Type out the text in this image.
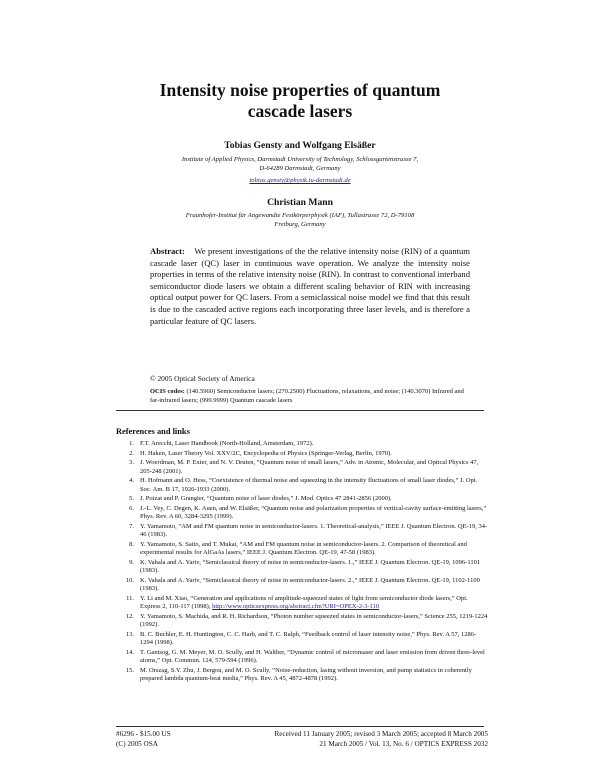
Intensity noise properties of quantum
cascade lasers
Tobias Gensty and Wolfgang Elsäßer
Institute of Applied Physics, Darmstadt University of Technology, Schlossgartenstrasse 7,
D-64289 Darmstadt, Germany
tobias.gensty@physik.tu-darmstadt.de
Christian Mann
Fraunhofer-Institut für Angewandte Festkörperphysik (IAF), Tullastrasse 72, D-79108
Freiburg, Germany
Abstract: We present investigations of the the relative intensity noise (RIN) of a quantum cascade laser (QC) laser in continuous wave operation. We analyze the intensity noise properties in terms of the relative intensity noise (RIN). In contrast to conventional interband semiconductor diode lasers we obtain a different scaling behavior of RIN with increasing optical output power for QC lasers. From a semiclassical noise model we find that this result is due to the cascaded active regions each incorporating three laser levels, and is therefore a particular feature of QC lasers.
© 2005 Optical Society of America
OCIS codes: (140.5960) Semiconductor lasers; (270.2500) Fluctuations, relaxations, and noise; (140.3070) Infrared and far-infrared lasers; (999.9999) Quantum cascade lasers
References and links
1. F.T. Arecchi, Laser Handbook (North-Holland, Amsterdam, 1972).
2. H. Haken, Laser Theory Vol. XXV/2C, Encyclopedia of Physics (Springer-Verlag, Berlin, 1970).
3. J. Woerdman, M. P. Exter, and N. V. Druten, “Quantum noise of small lasers,” Adv. in Atomic, Molecular, and Optical Physics 47, 205-248 (2001).
4. H. Hofmann and O. Hess, “Coexistence of thermal noise and squeezing in the intensity fluctuations of small laser diodes,” J. Opt. Soc. Am. B 17, 1926-1933 (2000).
5. J. Poizat and P. Grangier, “Quantum noise of laser diodes,” J. Mod. Optics 47 2841-2856 (2000).
6. J.-L. Vey, C. Degen, K. Auen, and W. Elsäßer, “Quantum noise and polarization properties of vertical-cavity surface-emitting lasers,” Phys. Rev. A 60, 3284-3295 (1999).
7. Y. Yamamoto, “AM and FM quantum noise in semiconductor-lasers. 1. Theoretical-analysis,” IEEE J. Quantum Electron. QE-19, 34-46 (1983).
8. Y. Yamamoto, S. Saito, and T. Mukai, “AM and FM quantum noise in semiconductor-lasers. 2. Comparison of theoretical and experimental results for AlGaAs lasers,” IEEE J. Quantum Electron. QE-19, 47-58 (1983).
9. K. Vahala and A. Yariv, “Semiclassical theory of noise in semiconductor-lasers. 1.,” IEEE J. Quantum Electron. QE-19, 1096-1101 (1983).
10. K. Vahala and A. Yariv, “Semiclassical theory of noise in semiconductor-lasers. 2.,” IEEE J. Quantum Electron. QE-19, 1102-1109 (1983).
11. Y. Li and M. Xiao, “Generation and applications of amplitude-squeezed states of light from semiconductor diode lasers,” Opt. Express 2, 110-117 (1998), http://www.opticsexpress.org/abstract.cfm?URI=OPEX-2-3-110
12. Y. Yamamoto, S. Machida, and R. H. Richardson, “Photon number squeezed states in semiconductor-lasers,” Science 255, 1219-1224 (1992).
13. B. C. Buchler, E. H. Huntington, C. C. Harb, and T. C. Ralph, “Feedback control of laser intensity noise,” Phys. Rev. A 57, 1286-1294 (1998).
14. T. Gantsog, G. M. Meyer, M. O. Scully, and H. Walther, “Dynamic control of micromaser and laser emission from driven three-level atoms,” Opt. Commun. 124, 579-594 (1996).
15. M. Orszag, S.Y. Zhu, J. Bergou, and M. O. Scully, “Noise-reduction, lasing without inversion, and pump statistics in coherently prepared lambda quantum-beat media,” Phys. Rev. A 45, 4872-4878 (1992).
#6296 - $15.00 US
(C) 2005 OSA
Received 11 January 2005; revised 3 March 2005; accepted 8 March 2005
21 March 2005 / Vol. 13, No. 6 / OPTICS EXPRESS 2032
